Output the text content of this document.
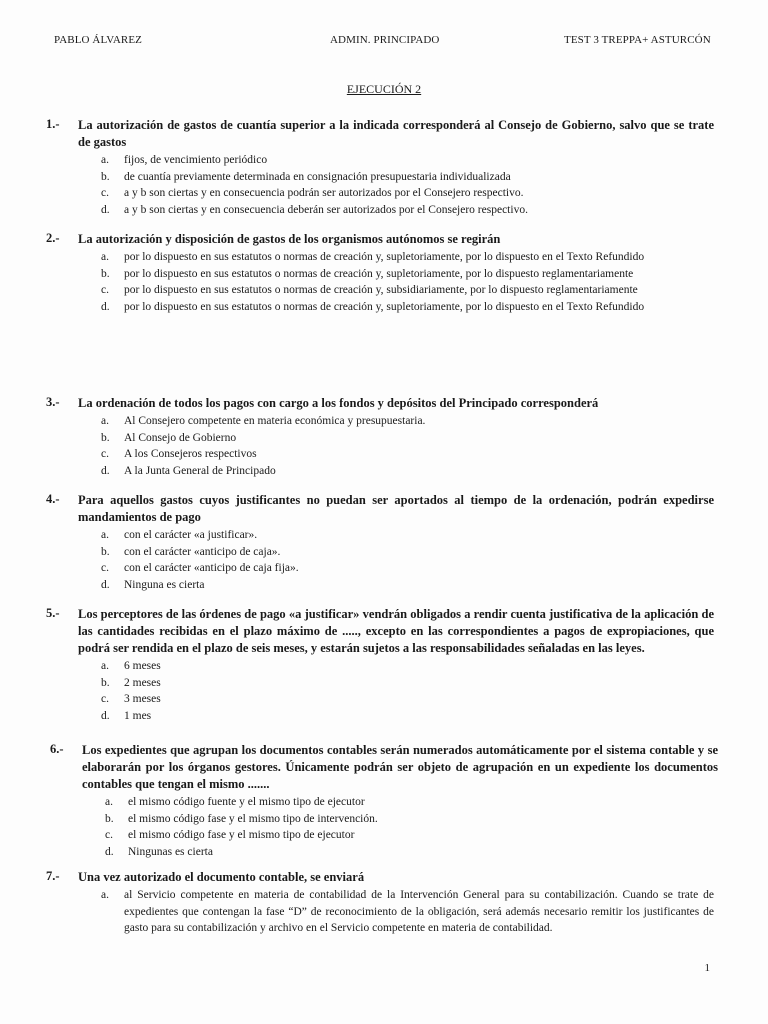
PABLO ÁLVAREZ	ADMIN. PRINCIPADO	TEST 3 TREPPA+ ASTURCÓN
EJECUCIÓN 2
1.- La autorización de gastos de cuantía superior a la indicada corresponderá al Consejo de Gobierno, salvo que se trate de gastos
a. fijos, de vencimiento periódico
b. de cuantía previamente determinada en consignación presupuestaria individualizada
c. a y b son ciertas y en consecuencia podrán ser autorizados por el Consejero respectivo.
d. a y b son ciertas y en consecuencia deberán ser autorizados por el Consejero respectivo.
2.- La autorización y disposición de gastos de los organismos autónomos se regirán
a. por lo dispuesto en sus estatutos o normas de creación y, supletoriamente, por lo dispuesto en el Texto Refundido
b. por lo dispuesto en sus estatutos o normas de creación y, supletoriamente, por lo dispuesto reglamentariamente
c. por lo dispuesto en sus estatutos o normas de creación y, subsidiariamente, por lo dispuesto reglamentariamente
d. por lo dispuesto en sus estatutos o normas de creación y, supletoriamente, por lo dispuesto en el Texto Refundido
3.- La ordenación de todos los pagos con cargo a los fondos y depósitos del Principado corresponderá
a. Al Consejero competente en materia económica y presupuestaria.
b. Al Consejo de Gobierno
c. A los Consejeros respectivos
d. A la Junta General de Principado
4.- Para aquellos gastos cuyos justificantes no puedan ser aportados al tiempo de la ordenación, podrán expedirse mandamientos de pago
a. con el carácter «a justificar».
b. con el carácter «anticipo de caja».
c. con el carácter «anticipo de caja fija».
d. Ninguna es cierta
5.- Los perceptores de las órdenes de pago «a justificar» vendrán obligados a rendir cuenta justificativa de la aplicación de las cantidades recibidas en el plazo máximo de ....., excepto en las correspondientes a pagos de expropiaciones, que podrá ser rendida en el plazo de seis meses, y estarán sujetos a las responsabilidades señaladas en las leyes.
a. 6 meses
b. 2 meses
c. 3 meses
d. 1 mes
6.- Los expedientes que agrupan los documentos contables serán numerados automáticamente por el sistema contable y se elaborarán por los órganos gestores. Únicamente podrán ser objeto de agrupación en un expediente los documentos contables que tengan el mismo .......
a. el mismo código fuente y el mismo tipo de ejecutor
b. el mismo código fase y el mismo tipo de intervención.
c. el mismo código fase y el mismo tipo de ejecutor
d. Ningunas es cierta
7.- Una vez autorizado el documento contable, se enviará
a. al Servicio competente en materia de contabilidad de la Intervención General para su contabilización. Cuando se trate de expedientes que contengan la fase “D” de reconocimiento de la obligación, será además necesario remitir los justificantes de gasto para su contabilización y archivo en el Servicio competente en materia de contabilidad.
1
